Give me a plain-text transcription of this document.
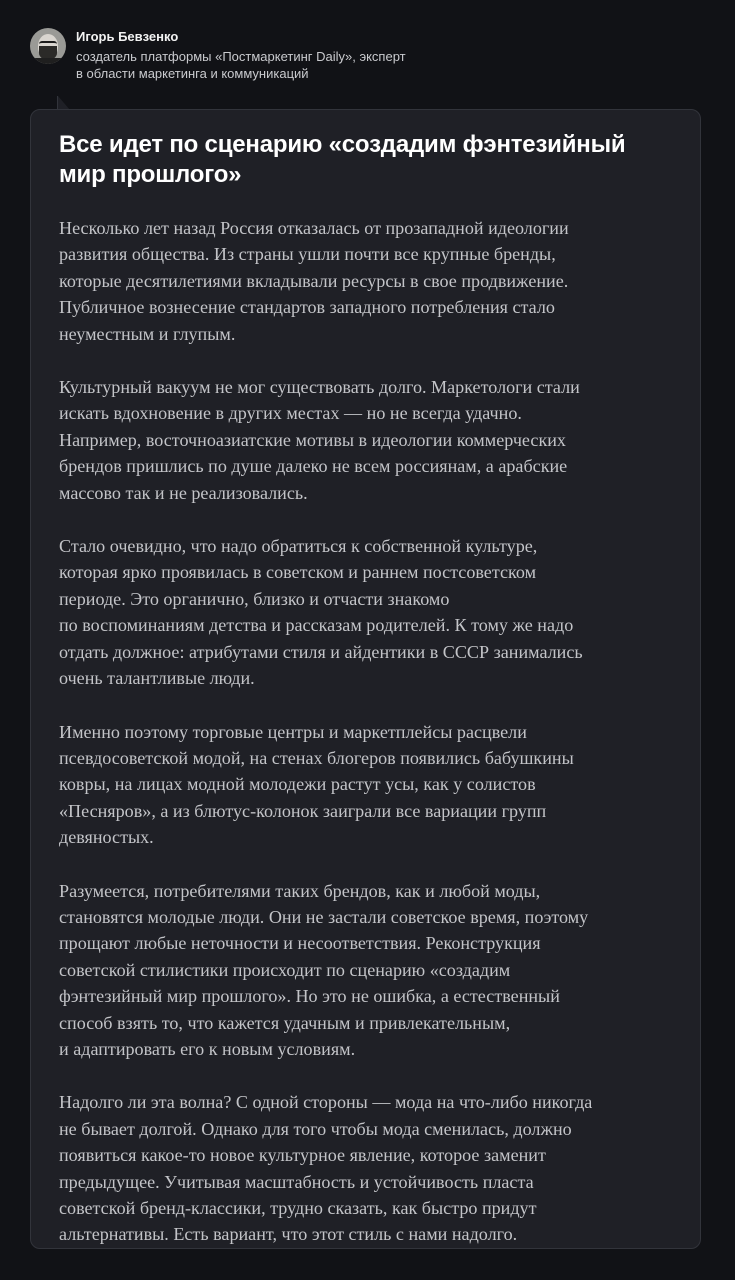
Игорь Бевзенко
создатель платформы «Постмаркетинг Daily», эксперт
в области маркетинга и коммуникаций
Все идет по сценарию «создадим фэнтезийный
мир прошлого»

Несколько лет назад Россия отказалась от прозападной идеологии
развития общества. Из страны ушли почти все крупные бренды,
которые десятилетиями вкладывали ресурсы в свое продвижение.
Публичное вознесение стандартов западного потребления стало
неуместным и глупым.

Культурный вакуум не мог существовать долго. Маркетологи стали
искать вдохновение в других местах — но не всегда удачно.
Например, восточноазиатские мотивы в идеологии коммерческих
брендов пришлись по душе далеко не всем россиянам, а арабские
массово так и не реализовались.

Стало очевидно, что надо обратиться к собственной культуре,
которая ярко проявилась в советском и раннем постсоветском
периоде. Это органично, близко и отчасти знакомо
по воспоминаниям детства и рассказам родителей. К тому же надо
отдать должное: атрибутами стиля и айдентики в СССР занимались
очень талантливые люди.

Именно поэтому торговые центры и маркетплейсы расцвели
псевдосоветской модой, на стенах блогеров появились бабушкины
ковры, на лицах модной молодежи растут усы, как у солистов
«Песняров», а из блютус-колонок заиграли все вариации групп
девяностых.

Разумеется, потребителями таких брендов, как и любой моды,
становятся молодые люди. Они не застали советское время, поэтому
прощают любые неточности и несоответствия. Реконструкция
советской стилистики происходит по сценарию «создадим
фэнтезийный мир прошлого». Но это не ошибка, а естественный
способ взять то, что кажется удачным и привлекательным,
и адаптировать его к новым условиям.

Надолго ли эта волна? С одной стороны — мода на что-либо никогда
не бывает долгой. Однако для того чтобы мода сменилась, должно
появиться какое-то новое культурное явление, которое заменит
предыдущее. Учитывая масштабность и устойчивость пласта
советской бренд-классики, трудно сказать, как быстро придут
альтернативы. Есть вариант, что этот стиль с нами надолго.
